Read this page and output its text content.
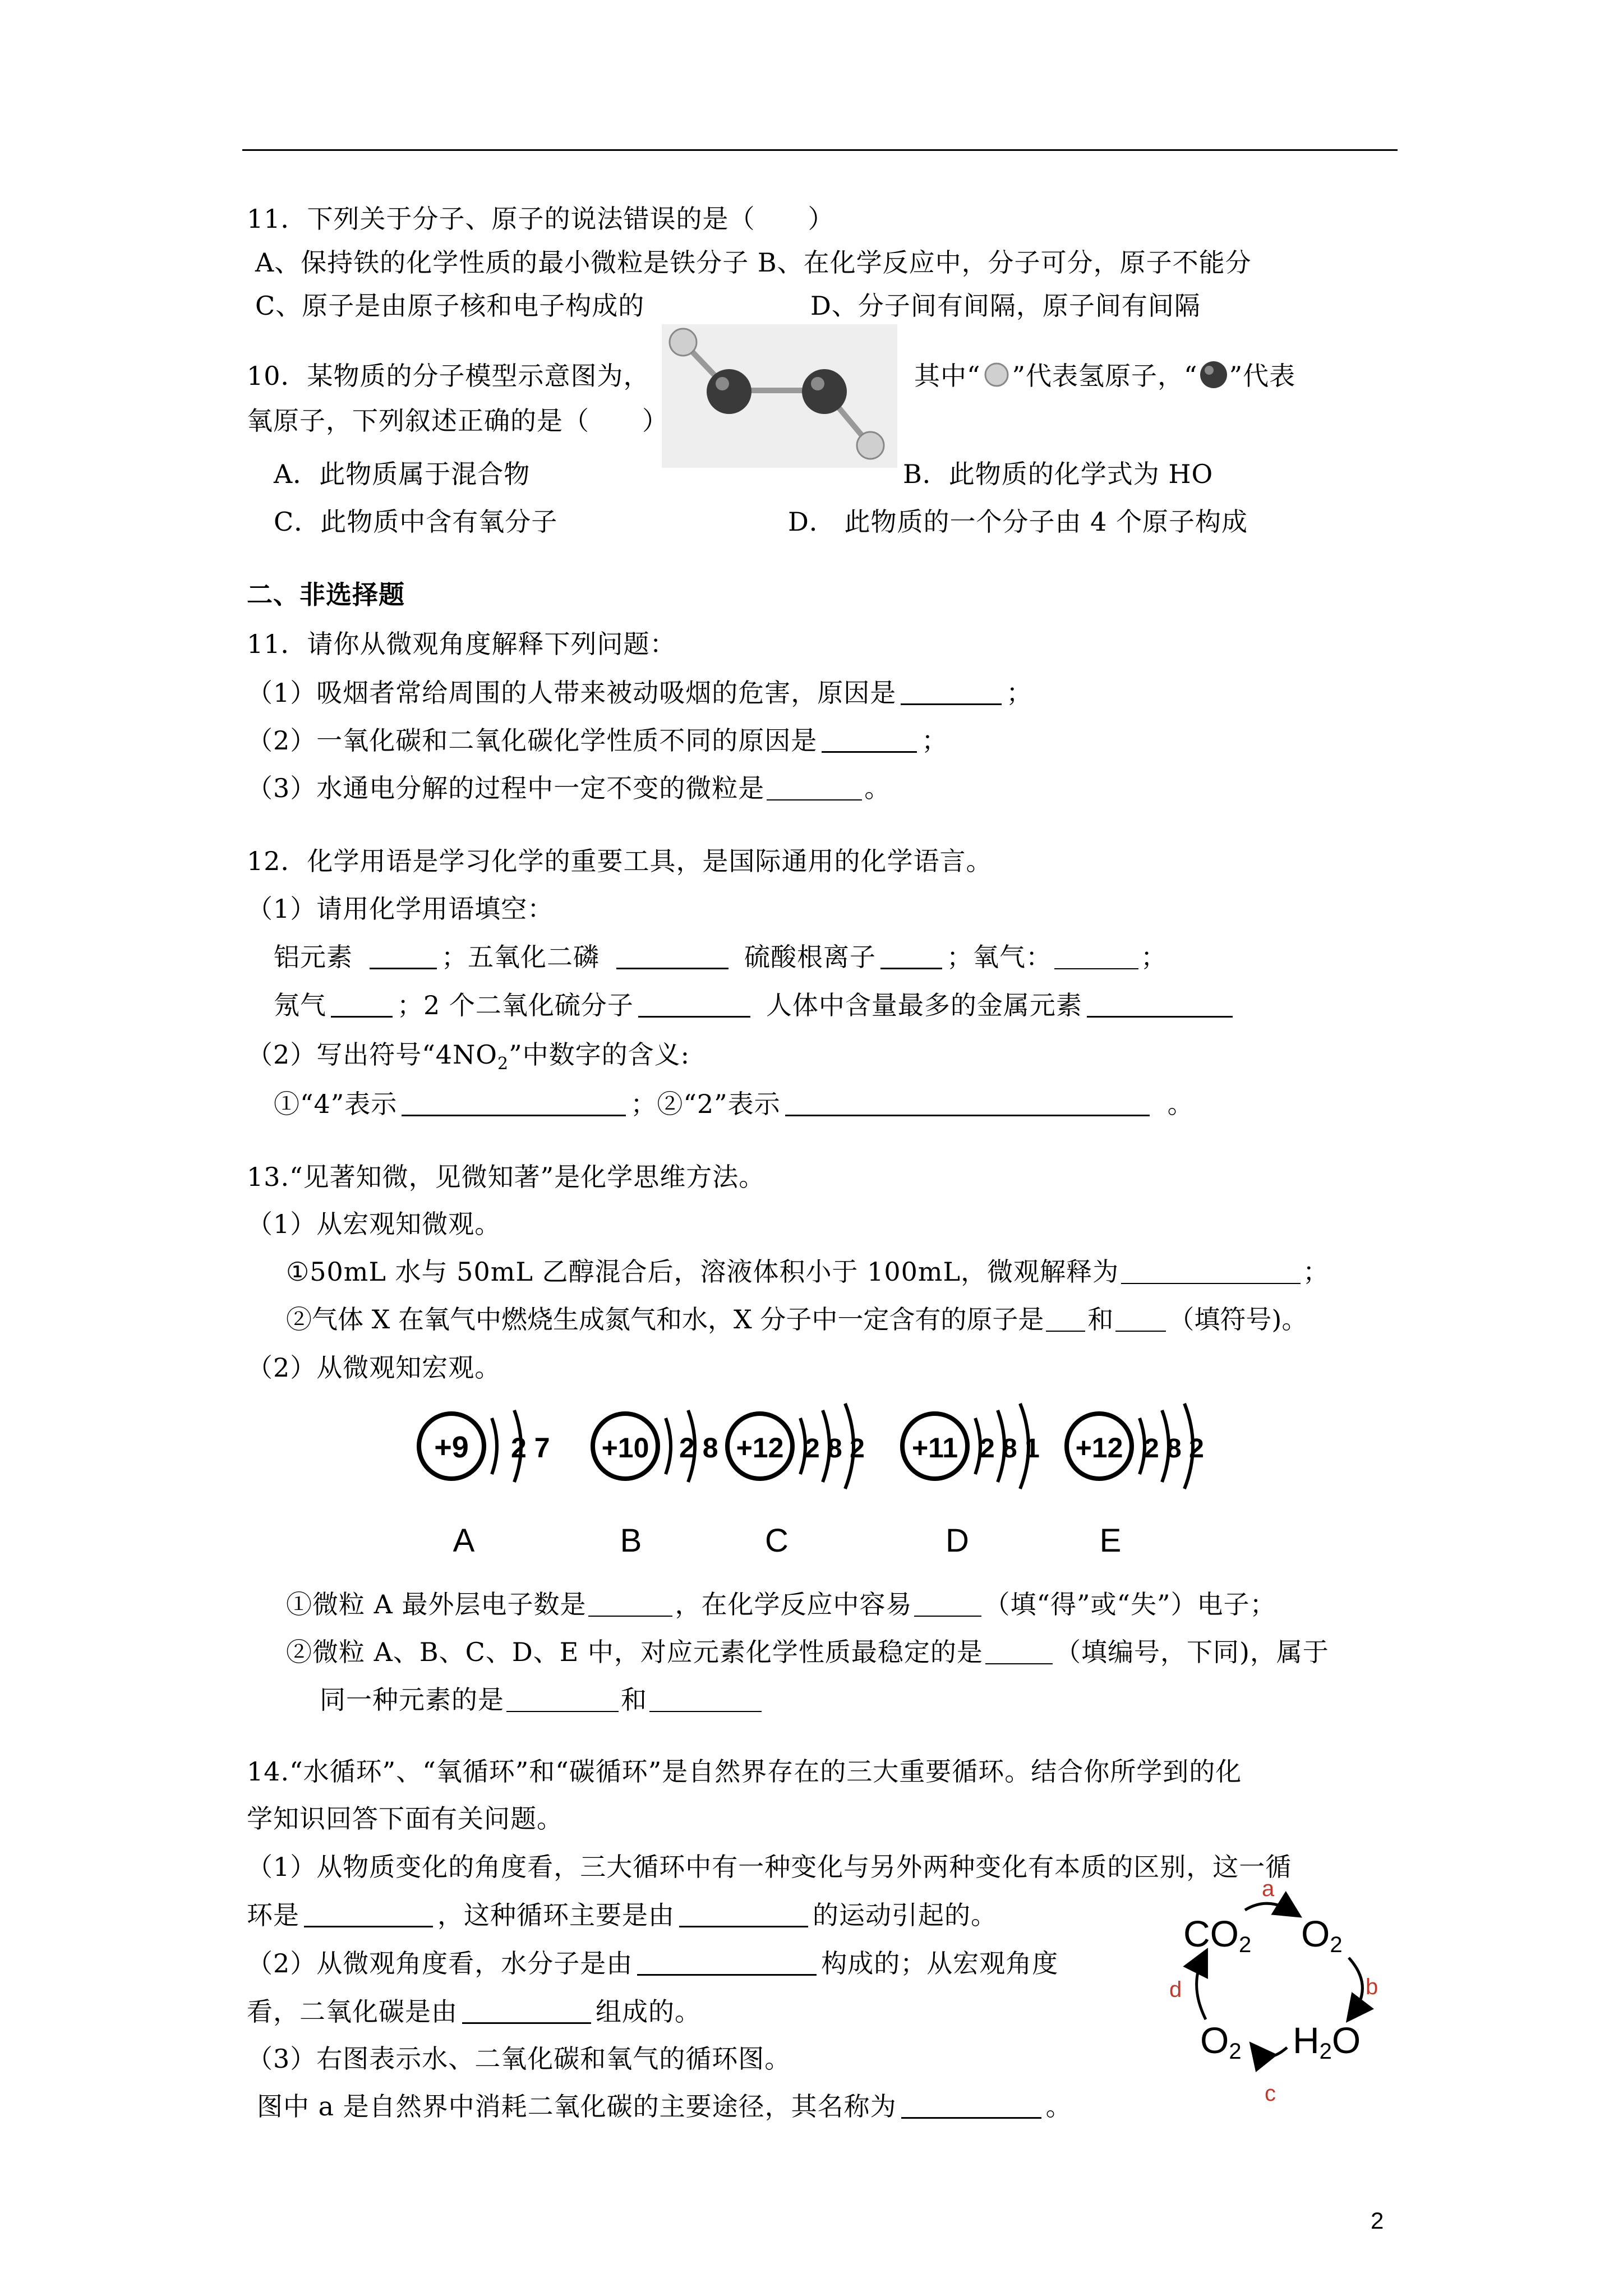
11．下列关于分子、原子的说法错误的是（　　）
A、保持铁的化学性质的最小微粒是铁分子 B、在化学反应中，分子可分，原子不能分
C、原子是由原子核和电子构成的	D、分子间有间隔，原子间有间隔
10．某物质的分子模型示意图为，	其中“ ”代表氢原子，“ ”代表
氧原子，下列叙述正确的是（　　）
A．此物质属于混合物	B．此物质的化学式为 HO
C．此物质中含有氧分子	D． 此物质的一个分子由 4 个原子构成
二、非选择题
11．请你从微观角度解释下列问题：
（1）吸烟者常给周围的人带来被动吸烟的危害，原因是	；
（2）一氧化碳和二氧化碳化学性质不同的原因是	；
（3）水通电分解的过程中一定不变的微粒是	。
12．化学用语是学习化学的重要工具，是国际通用的化学语言。
（1）请用化学用语填空：
铝元素	；五氧化二磷	硫酸根离子	；氧气：	；
氖气	；2 个二氧化硫分子	人体中含量最多的金属元素
（2）写出符号“$4NO_2$”中数字的含义:
①“4”表示	；②“2”表示	。
13.“见著知微，见微知著”是化学思维方法。
（1）从宏观知微观。
①50mL 水与 50mL 乙醇混合后，溶液体积小于 100mL，微观解释为	；
②气体 X 在氧气中燃烧生成氮气和水，X 分子中一定含有的原子是 和 （填符号)。
（2）从微观知宏观。
+9 2 7
A
+10 2 8
B
+12 2 8 2
C
+11 2 8 1
D
+12 2 8 2
E
①微粒 A 最外层电子数是	，在化学反应中容易	（填“得”或“失”）电子；
②微粒 A、B、C、D、E 中，对应元素化学性质最稳定的是	（填编号，下同)，属于
同一种元素的是	和
14.“水循环”、“氧循环”和“碳循环”是自然界存在的三大重要循环。结合你所学到的化
学知识回答下面有关问题。
（1）从物质变化的角度看，三大循环中有一种变化与另外两种变化有本质的区别，这一循
环是	，这种循环主要是由	的运动引起的。
（2）从微观角度看，水分子是由	构成的；从宏观角度
看，二氧化碳是由	组成的。
（3）右图表示水、二氧化碳和氧气的循环图。
图中 a 是自然界中消耗二氧化碳的主要途径，其名称为	。
CO2 O2
H2O
O2
a
b
c
d
2
